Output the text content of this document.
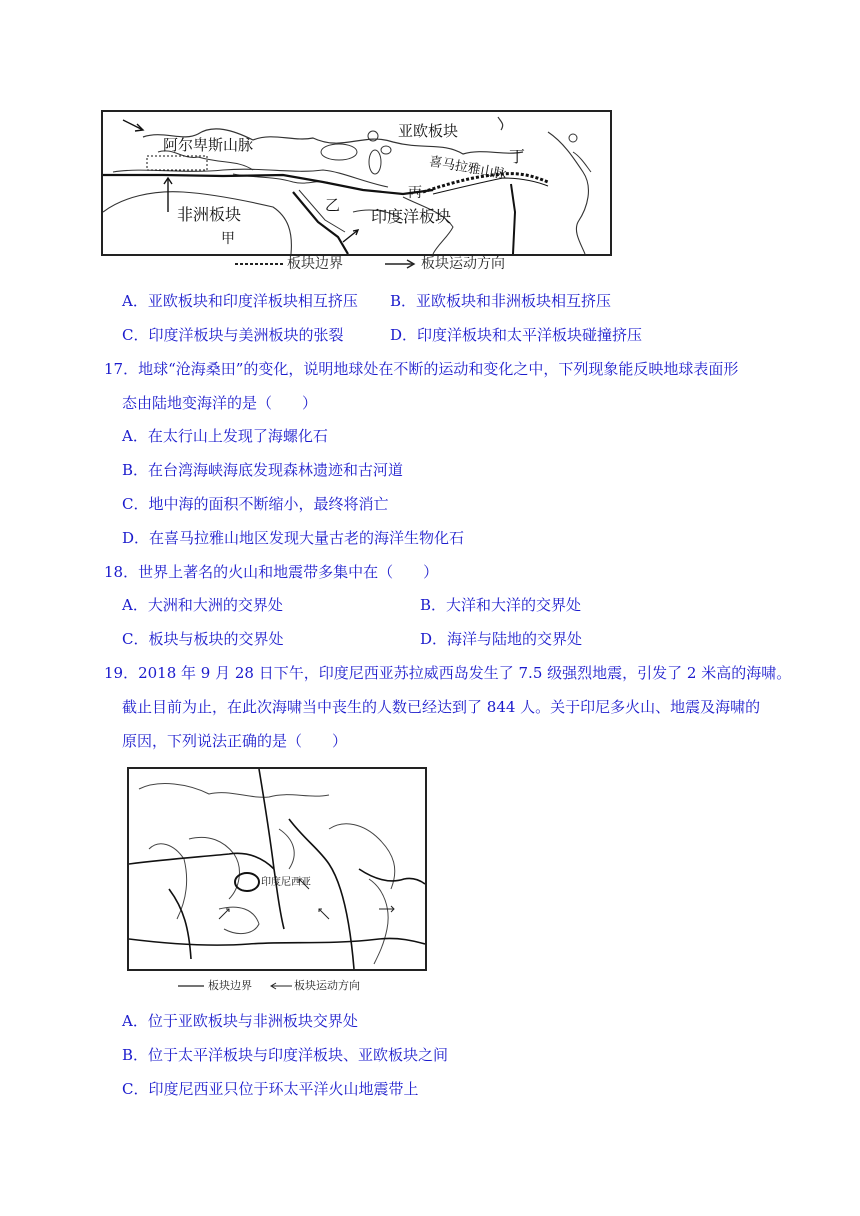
阿尔卑斯山脉
亚欧板块
喜马拉雅山脉 丁
丙
乙
非洲板块
甲
印度洋板块
板块边界	板块运动方向
A．亚欧板块和印度洋板块相互挤压 B．亚欧板块和非洲板块相互挤压
C．印度洋板块与美洲板块的张裂	D．印度洋板块和太平洋板块碰撞挤压
17．地球“沧海桑田”的变化，说明地球处在不断的运动和变化之中，下列现象能反映地球表面形
态由陆地变海洋的是（　　）
A．在太行山上发现了海螺化石
B．在台湾海峡海底发现森林遗迹和古河道
C．地中海的面积不断缩小，最终将消亡
D．在喜马拉雅山地区发现大量古老的海洋生物化石
18．世界上著名的火山和地震带多集中在（　　）
A．大洲和大洲的交界处	B．大洋和大洋的交界处
C．板块与板块的交界处	D．海洋与陆地的交界处
19．2018 年 9 月 28 日下午，印度尼西亚苏拉威西岛发生了 7.5 级强烈地震，引发了 2 米高的海啸。
截止目前为止，在此次海啸当中丧生的人数已经达到了 844 人。关于印尼多火山、地震及海啸的
原因，下列说法正确的是（　　）
印度尼西亚
板块边界	板块运动方向
A．位于亚欧板块与非洲板块交界处
B．位于太平洋板块与印度洋板块、亚欧板块之间
C．印度尼西亚只位于环太平洋火山地震带上
